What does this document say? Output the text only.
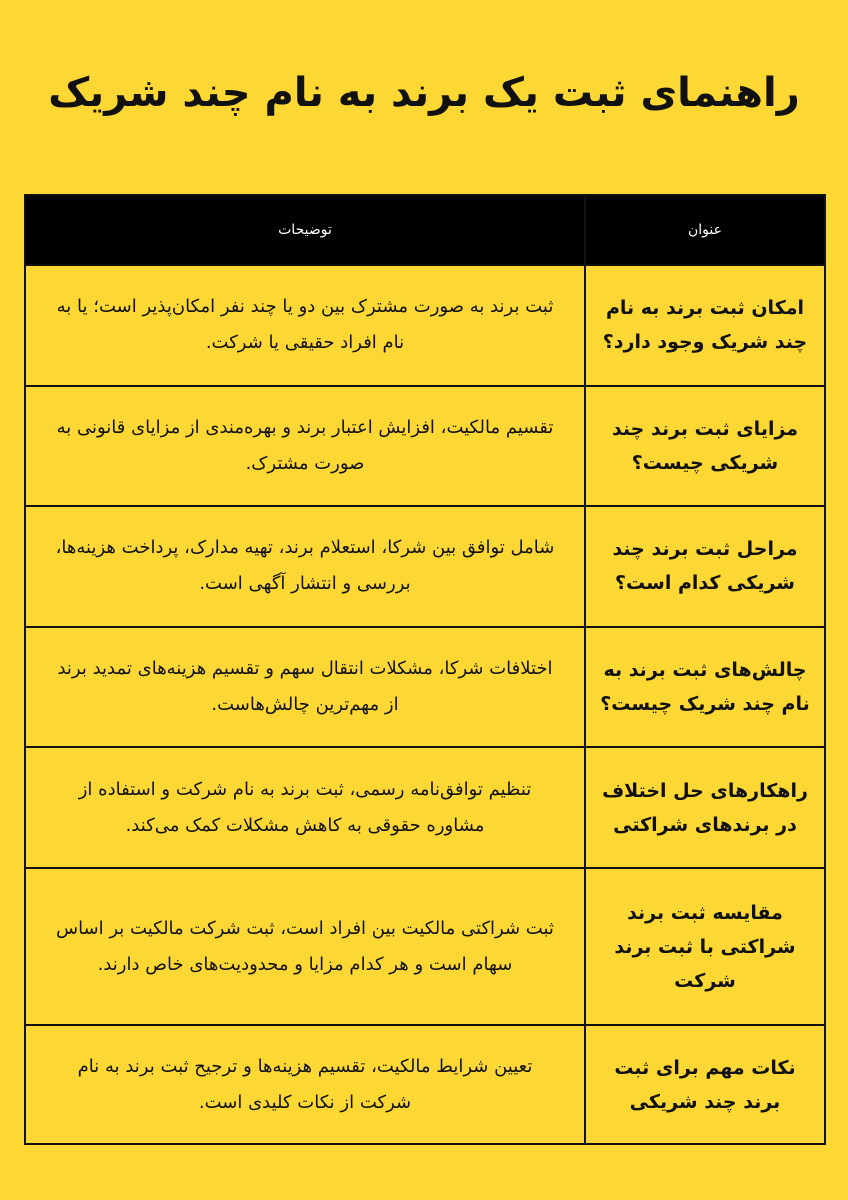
راهنمای ثبت یک برند به نام چند شریک
عنوان	توضیحات
امکان ثبت برند به نام چند شریک وجود دارد؟	ثبت برند به صورت مشترک بین دو یا چند نفر امکان‌پذیر است؛ یا به نام افراد حقیقی یا شرکت.
مزایای ثبت برند چند شریکی چیست؟	تقسیم مالکیت، افزایش اعتبار برند و بهره‌مندی از مزایای قانونی به صورت مشترک.
مراحل ثبت برند چند شریکی کدام است؟	شامل توافق بین شرکا، استعلام برند، تهیه مدارک، پرداخت هزینه‌ها، بررسی و انتشار آگهی است.
چالش‌های ثبت برند به نام چند شریک چیست؟	اختلافات شرکا، مشکلات انتقال سهم و تقسیم هزینه‌های تمدید برند از مهم‌ترین چالش‌هاست.
راهکارهای حل اختلاف در برندهای شراکتی	تنظیم توافق‌نامه رسمی، ثبت برند به نام شرکت و استفاده از مشاوره حقوقی به کاهش مشکلات کمک می‌کند.
مقایسه ثبت برند شراکتی با ثبت برند شرکت	ثبت شراکتی مالکیت بین افراد است، ثبت شرکت مالکیت بر اساس سهام است و هر کدام مزایا و محدودیت‌های خاص دارند.
نکات مهم برای ثبت برند چند شریکی	تعیین شرایط مالکیت، تقسیم هزینه‌ها و ترجیح ثبت برند به نام شرکت از نکات کلیدی است.
